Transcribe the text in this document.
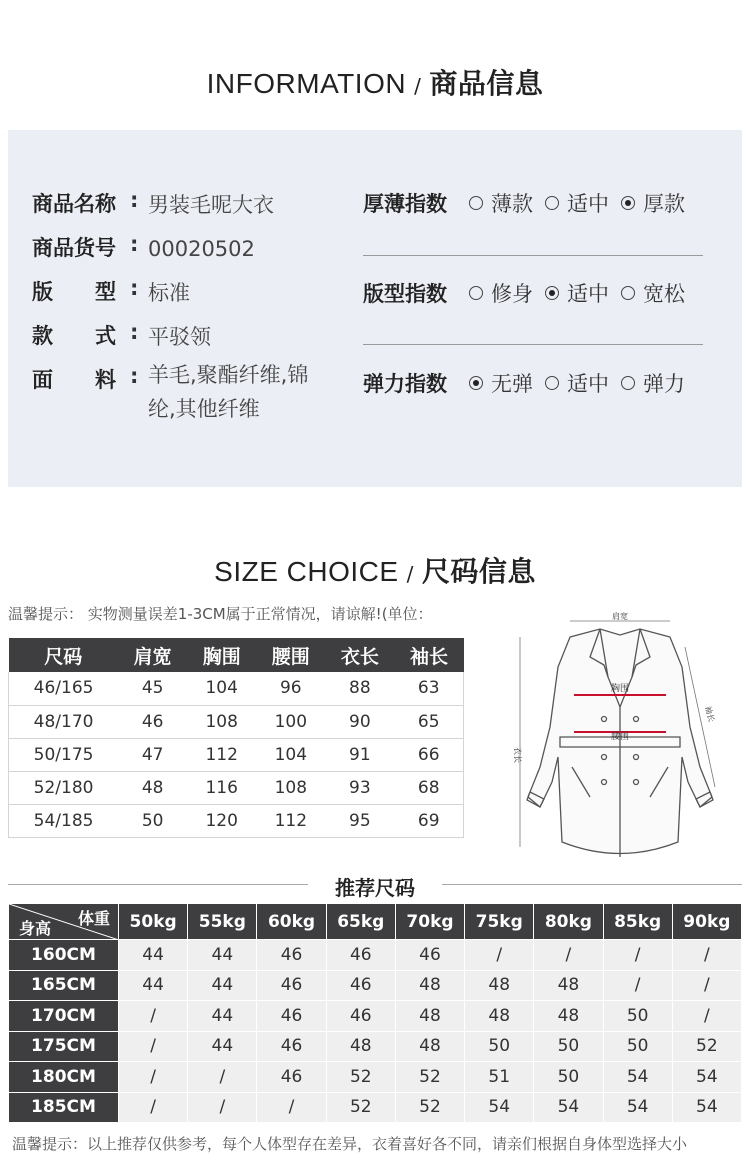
INFORMATION / 商品信息
商品名称 : 男装毛呢大衣
商品货号 : 00020502
版　　型 : 标准
款　　式 : 平驳领
面　　料 : 羊毛,聚酯纤维,锦纶,其他纤维
厚薄指数	薄款	适中	厚款
版型指数	修身	适中	宽松
弹力指数	无弹	适中	弹力
SIZE CHOICE / 尺码信息
温馨提示： 实物测量误差1-3CM属于正常情况，请谅解!(单位：
尺码	肩宽	胸围	腰围	衣长	袖长
46/165	45	104	96	88	63
48/170	46	108	100	90	65
50/175	47	112	104	91	66
52/180	48	116	108	93	68
54/185	50	120	112	95	69
肩宽
胸围
腰围
衣长
袖长
推荐尺码
体重
身高	50kg	55kg	60kg	65kg	70kg	75kg	80kg	85kg	90kg
160CM	44	44	46	46	46	/	/	/	/
165CM	44	44	46	46	48	48	48	/	/
170CM	/	44	46	46	48	48	48	50	/
175CM	/	44	46	48	48	50	50	50	52
180CM	/	/	46	52	52	51	50	54	54
185CM	/	/	/	52	52	54	54	54	54
温馨提示：以上推荐仅供参考，每个人体型存在差异，衣着喜好各不同，请亲们根据自身体型选择大小
